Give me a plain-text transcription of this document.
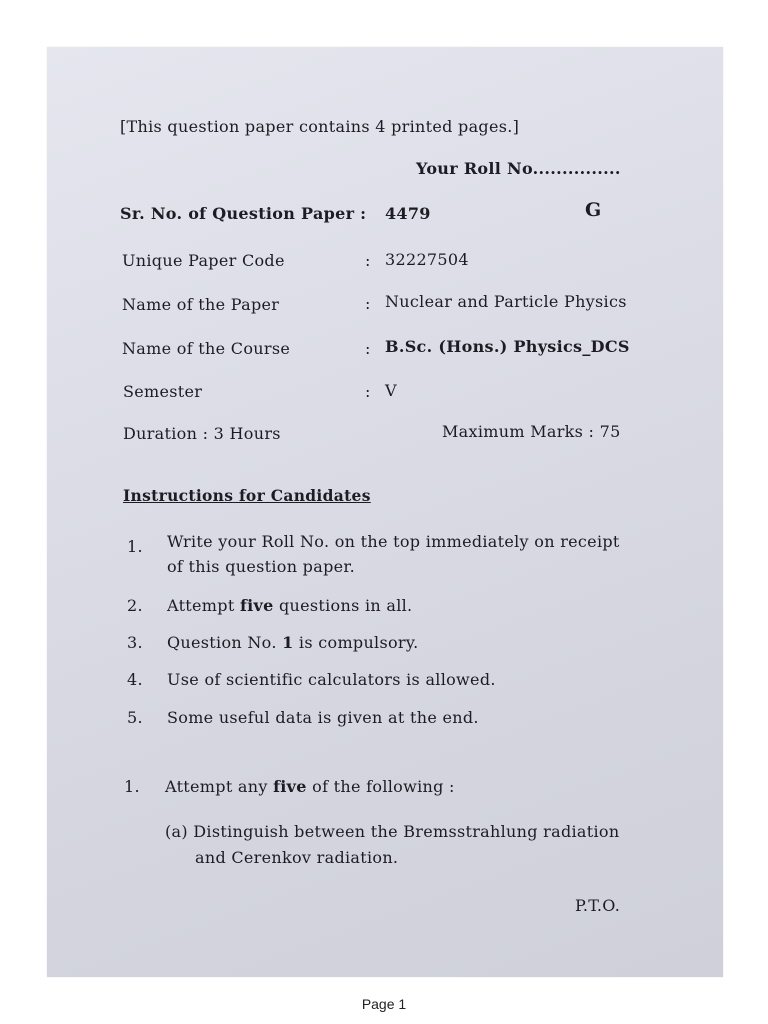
[This question paper contains 4 printed pages.]
Your Roll No...............
Sr. No. of Question Paper : 4479	G
Unique Paper Code	: 32227504
Name of the Paper	: Nuclear and Particle Physics
Name of the Course	: B.Sc. (Hons.) Physics_DCS
Semester	: V
Duration : 3 Hours	Maximum Marks : 75
Instructions for Candidates
1. Write your Roll No. on the top immediately on receipt
of this question paper.
2. Attempt five questions in all.
3. Question No. 1 is compulsory.
4. Use of scientific calculators is allowed.
5. Some useful data is given at the end.
1. Attempt any five of the following :
(a) Distinguish between the Bremsstrahlung radiation
and Cerenkov radiation.
P.T.O.
Page 1
